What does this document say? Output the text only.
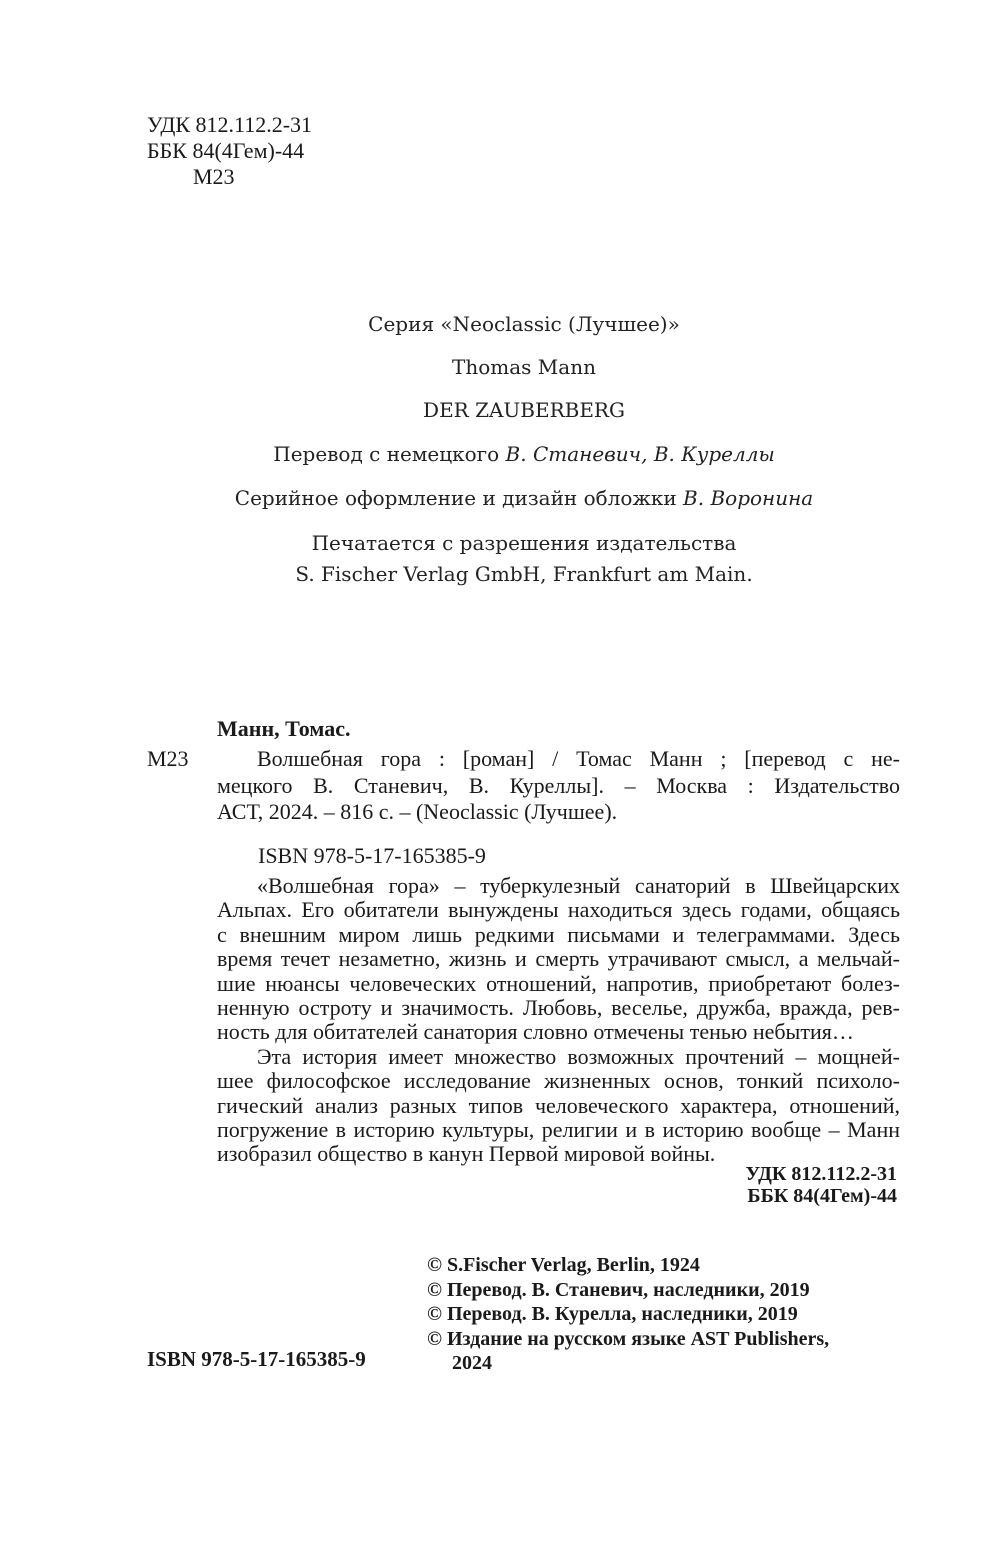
УДК 812.112.2-31
ББК 84(4Гем)-44
М23
Серия «Neoclassic (Лучшее)»
Thomas Mann
DER ZAUBERBERG
Перевод с немецкого В. Станевич, В. Куреллы
Серийное оформление и дизайн обложки В. Воронина
Печатается с разрешения издательства
S. Fischer Verlag GmbH, Frankfurt am Main.
Манн, Томас.
М23	Волшебная гора : [роман] / Томас Манн ; [перевод с не-
мецкого В. Станевич, В. Куреллы]. – Москва : Издательство
АСТ, 2024. – 816 с. – (Neoclassic (Лучшее).
ISBN 978-5-17-165385-9
«Волшебная гора» – туберкулезный санаторий в Швейцарских
Альпах. Его обитатели вынуждены находиться здесь годами, общаясь
с внешним миром лишь редкими письмами и телеграммами. Здесь
время течет незаметно, жизнь и смерть утрачивают смысл, а мельчай-
шие нюансы человеческих отношений, напротив, приобретают болез-
ненную остроту и значимость. Любовь, веселье, дружба, вражда, рев-
ность для обитателей санатория словно отмечены тенью небытия…
Эта история имеет множество возможных прочтений – мощней-
шее философское исследование жизненных основ, тонкий психоло-
гический анализ разных типов человеческого характера, отношений,
погружение в историю культуры, религии и в историю вообще – Манн
изобразил общество в канун Первой мировой войны.
УДК 812.112.2-31
ББК 84(4Гем)-44
© S.Fischer Verlag, Berlin, 1924
© Перевод. В. Станевич, наследники, 2019
© Перевод. В. Курелла, наследники, 2019
© Издание на русском языке AST Publishers,
2024
ISBN 978-5-17-165385-9
